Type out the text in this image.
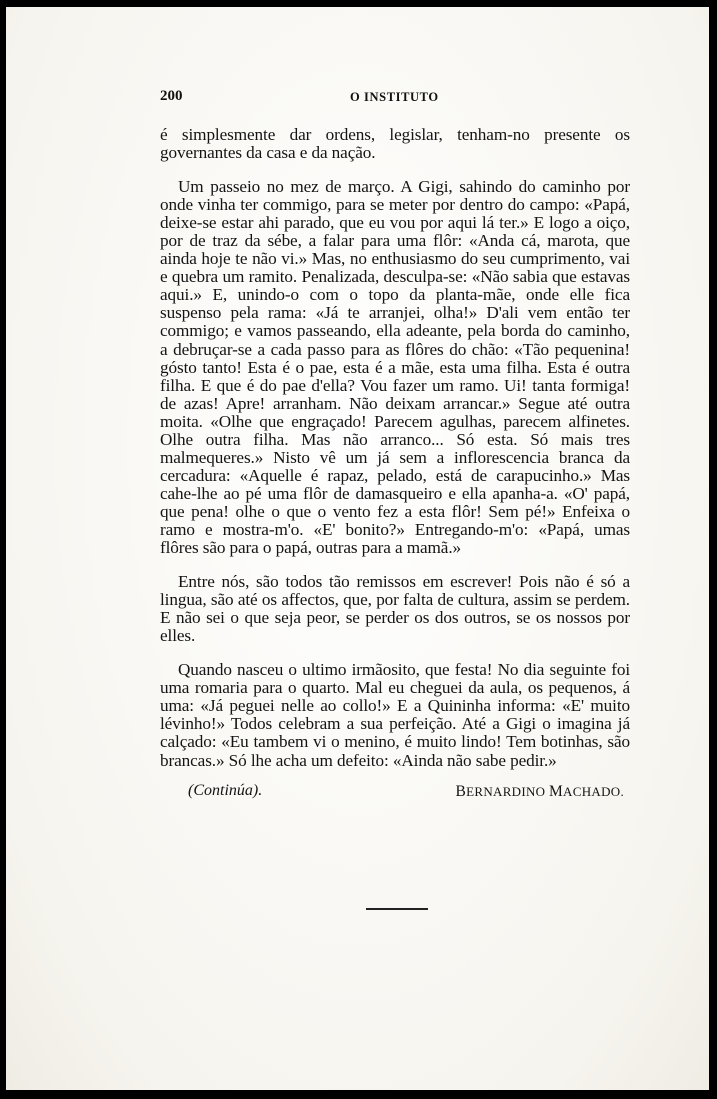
200	O INSTITUTO

é simplesmente dar ordens, legislar, tenham-no presente os governantes da casa e da nação.

Um passeio no mez de março. A Gigi, sahindo do caminho por onde vinha ter commigo, para se meter por dentro do campo: «Papá, deixe-se estar ahi parado, que eu vou por aqui lá ter.» E logo a oiço, por de traz da sébe, a falar para uma flôr: «Anda cá, marota, que ainda hoje te não vi.» Mas, no enthusiasmo do seu cumprimento, vai e quebra um ramito. Penalizada, desculpa-se: «Não sabia que estavas aqui.» E, unindo-o com o topo da planta-mãe, onde elle fica suspenso pela rama: «Já te arranjei, olha!» D'ali vem então ter commigo; e vamos passeando, ella adeante, pela borda do caminho, a debruçar-se a cada passo para as flôres do chão: «Tão pequenina! gósto tanto! Esta é o pae, esta é a mãe, esta uma filha. Esta é outra filha. E que é do pae d'ella? Vou fazer um ramo. Ui! tanta formiga! de azas! Apre! arranham. Não deixam arrancar.» Segue até outra moita. «Olhe que engraçado! Parecem agulhas, parecem alfinetes. Olhe outra filha. Mas não arranco... Só esta. Só mais tres malmequeres.» Nisto vê um já sem a inflorescencia branca da cercadura: «Aquelle é rapaz, pelado, está de carapucinho.» Mas cahe-lhe ao pé uma flôr de damasqueiro e ella apanha-a. «O' papá, que pena! olhe o que o vento fez a esta flôr! Sem pé!» Enfeixa o ramo e mostra-m'o. «E' bonito?» Entregando-m'o: «Papá, umas flôres são para o papá, outras para a mamã.»

Entre nós, são todos tão remissos em escrever! Pois não é só a lingua, são até os affectos, que, por falta de cultura, assim se perdem. E não sei o que seja peor, se perder os dos outros, se os nossos por elles.

Quando nasceu o ultimo irmãosito, que festa! No dia seguinte foi uma romaria para o quarto. Mal eu cheguei da aula, os pequenos, á uma: «Já peguei nelle ao collo!» E a Quininha informa: «E' muito lévinho!» Todos celebram a sua perfeição. Até a Gigi o imagina já calçado: «Eu tambem vi o menino, é muito lindo! Tem botinhas, são brancas.» Só lhe acha um defeito: «Ainda não sabe pedir.»

(Continúa).	BERNARDINO MACHADO.
